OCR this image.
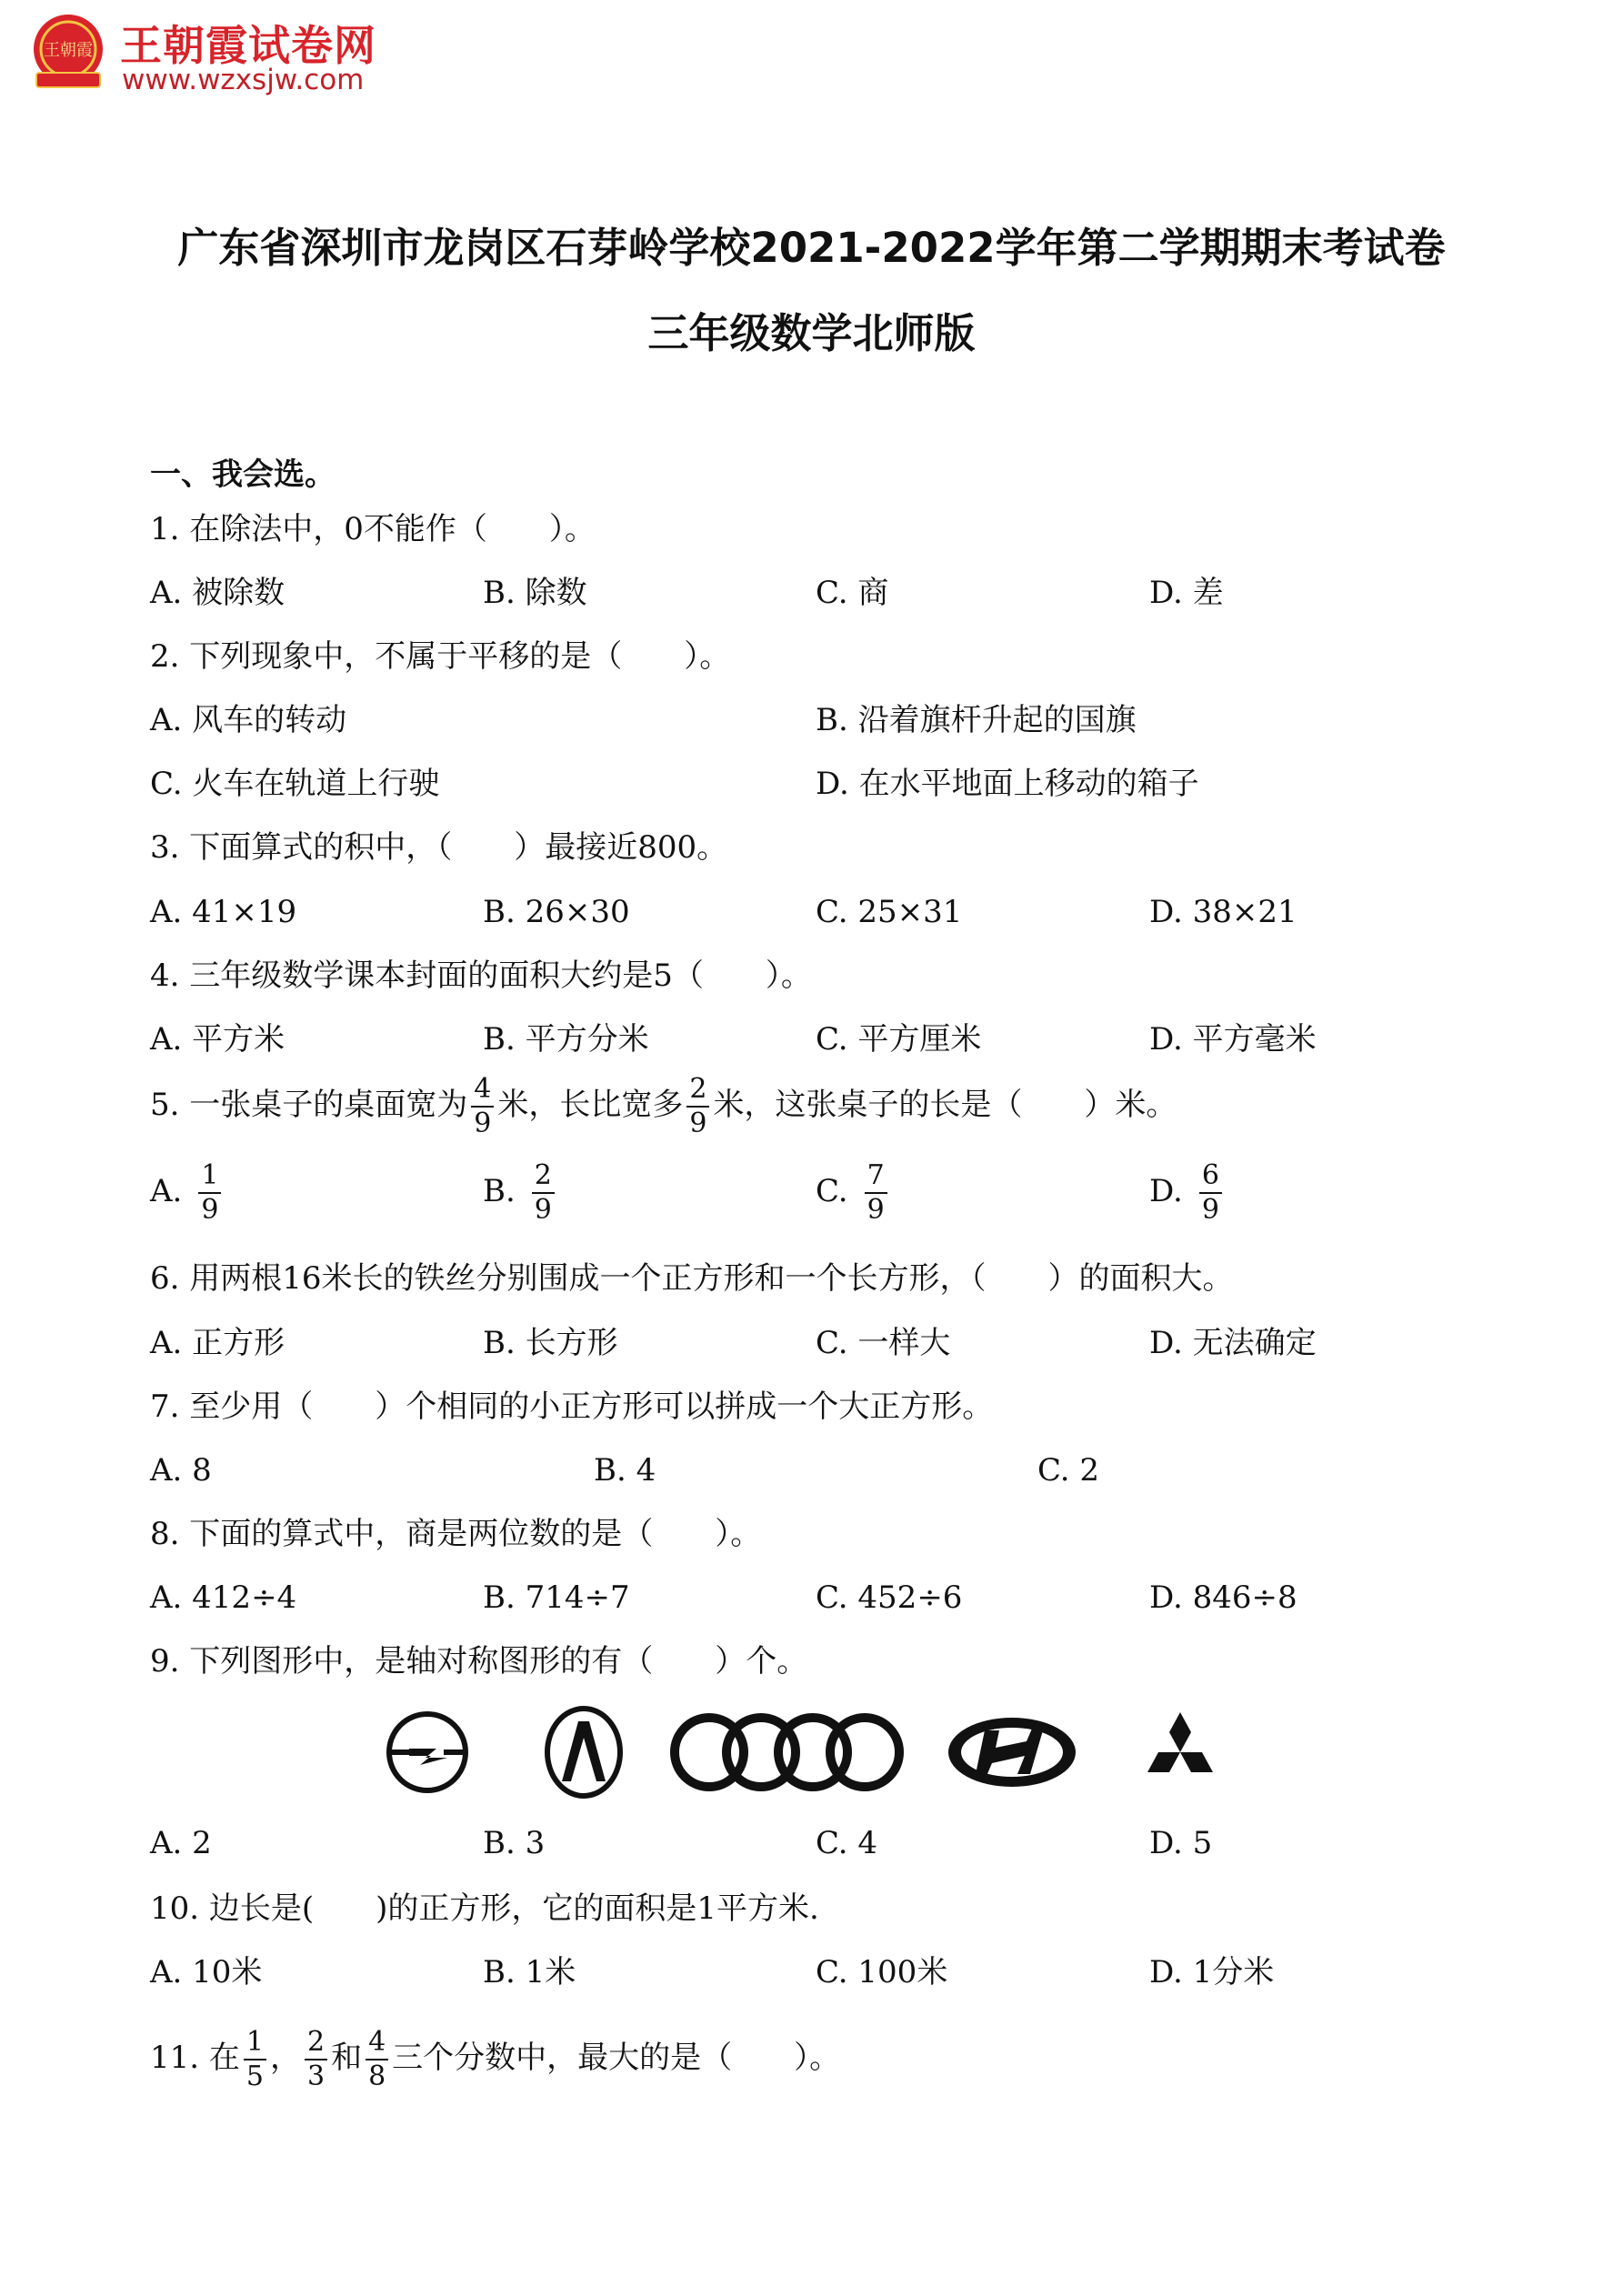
王朝霞 王朝霞试卷网
www.wzxsjw.com
广东省深圳市龙岗区石芽岭学校2021-2022学年第二学期期末考试卷
三年级数学北师版
一、我会选。
1. 在除法中，0不能作（　　）。
A. 被除数	B. 除数	C. 商	D. 差
2. 下列现象中，不属于平移的是（　　）。
A. 风车的转动	B. 沿着旗杆升起的国旗
C. 火车在轨道上行驶	D. 在水平地面上移动的箱子
3. 下面算式的积中，（　　）最接近800。
A. 41×19	B. 26×30	C. 25×31	D. 38×21
4. 三年级数学课本封面的面积大约是5（　　）。
A. 平方米	B. 平方分米	C. 平方厘米	D. 平方毫米
5. 一张桌子的桌面宽为 $\frac{4}{9}$ 米，长比宽多 $\frac{2}{9}$ 米，这张桌子的长是（　　）米。
A. $\frac{1}{9}$	B. $\frac{2}{9}$	C. $\frac{7}{9}$	D. $\frac{6}{9}$
6. 用两根16米长的铁丝分别围成一个正方形和一个长方形，（　　）的面积大。
A. 正方形	B. 长方形	C. 一样大	D. 无法确定
7. 至少用（　　）个相同的小正方形可以拼成一个大正方形。
A. 8	B. 4	C. 2
8. 下面的算式中，商是两位数的是（　　）。
A. 412÷4	B. 714÷7	C. 452÷6	D. 846÷8
9. 下列图形中，是轴对称图形的有（　　）个。
A. 2	B. 3	C. 4	D. 5
10. 边长是(　　)的正方形，它的面积是1平方米.
A. 10米	B. 1米	C. 100米	D. 1分米
11. 在 $\frac{1}{5}$ ， $\frac{2}{3}$ 和 $\frac{4}{8}$ 三个分数中，最大的是（　　）。
